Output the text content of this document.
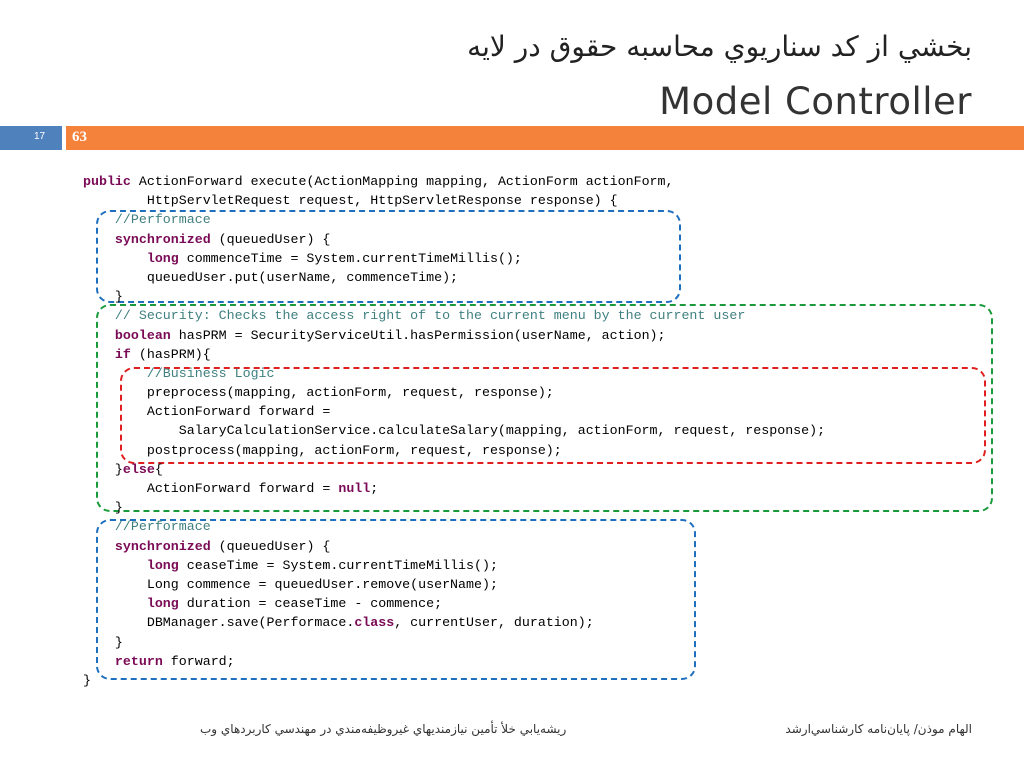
بخشي از كد سناريوي محاسبه حقوق در لايه
Model Controller
17 63
public ActionForward execute(ActionMapping mapping, ActionForm actionForm,
HttpServletRequest request, HttpServletResponse response) {
//Performace
synchronized (queuedUser) {
long commenceTime = System.currentTimeMillis();
queuedUser.put(userName, commenceTime);
}
// Security: Checks the access right of to the current menu by the current user
boolean hasPRM = SecurityServiceUtil.hasPermission(userName, action);
if (hasPRM){
//Business Logic
preprocess(mapping, actionForm, request, response);
ActionForward forward =
SalaryCalculationService.calculateSalary(mapping, actionForm, request, response);
postprocess(mapping, actionForm, request, response);
}else{
ActionForward forward = null;
}
//Performace
synchronized (queuedUser) {
long ceaseTime = System.currentTimeMillis();
Long commence = queuedUser.remove(userName);
long duration = ceaseTime - commence;
DBManager.save(Performace.class, currentUser, duration);
}
return forward;
}
ريشه‌يابي خلأ تأمين نيازمنديهاي غيروظيفه‌مندي در مهندسي كاربردهاي وب	الهام موذن/ پايان‌نامه كارشناسي‌ارشد
